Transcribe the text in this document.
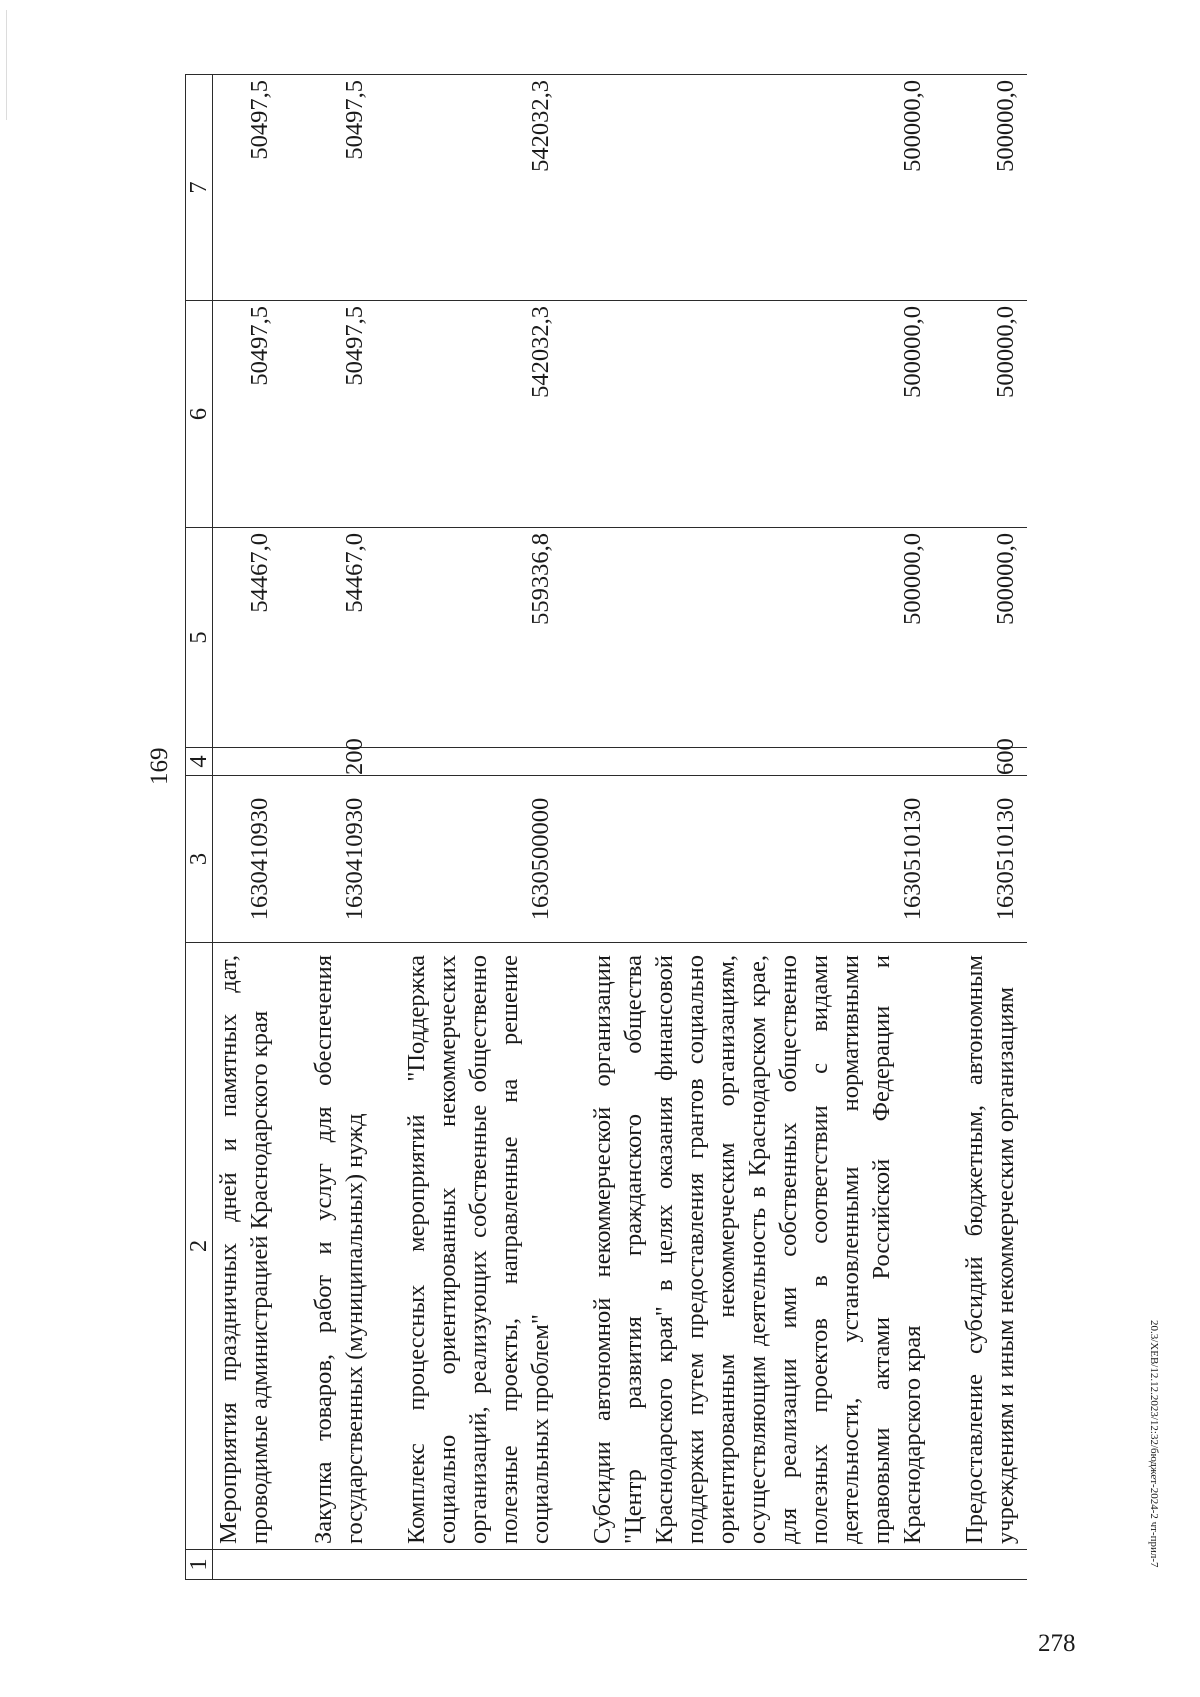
169
1	2	3	4	5	6	7
	Мероприятия праздничных дней и памятных дат, проводимые администрацией Краснодарского края	1630410930		54467,0	50497,5	50497,5
	Закупка товаров, работ и услуг для обеспечения государственных (муниципальных) нужд	1630410930	200	54467,0	50497,5	50497,5
	Комплекс процессных мероприятий "Поддержка социально ориентированных некоммерческих организаций, реализующих собственные общественно полезные проекты, направленные на решение социальных проблем"	1630500000		559336,8	542032,3	542032,3
	Субсидии автономной некоммерческой организации "Центр развития гражданского общества Краснодарского края" в целях оказания финансовой поддержки путем предоставления грантов социально ориентированным некоммерческим организациям, осуществляющим деятельность в Краснодарском крае, для реализации ими собственных общественно полезных проектов в соответствии с видами деятельности, установленными нормативными правовыми актами Российской Федерации и Краснодарского края	1630510130		500000,0	500000,0	500000,0
	Предоставление субсидий бюджетным, автономным учреждениям и иным некоммерческим организациям	1630510130	600	500000,0	500000,0	500000,0
20.3/ХЕВ/12.12.2023/12:32/бюджет-2024-2 чт-прил-7
278
